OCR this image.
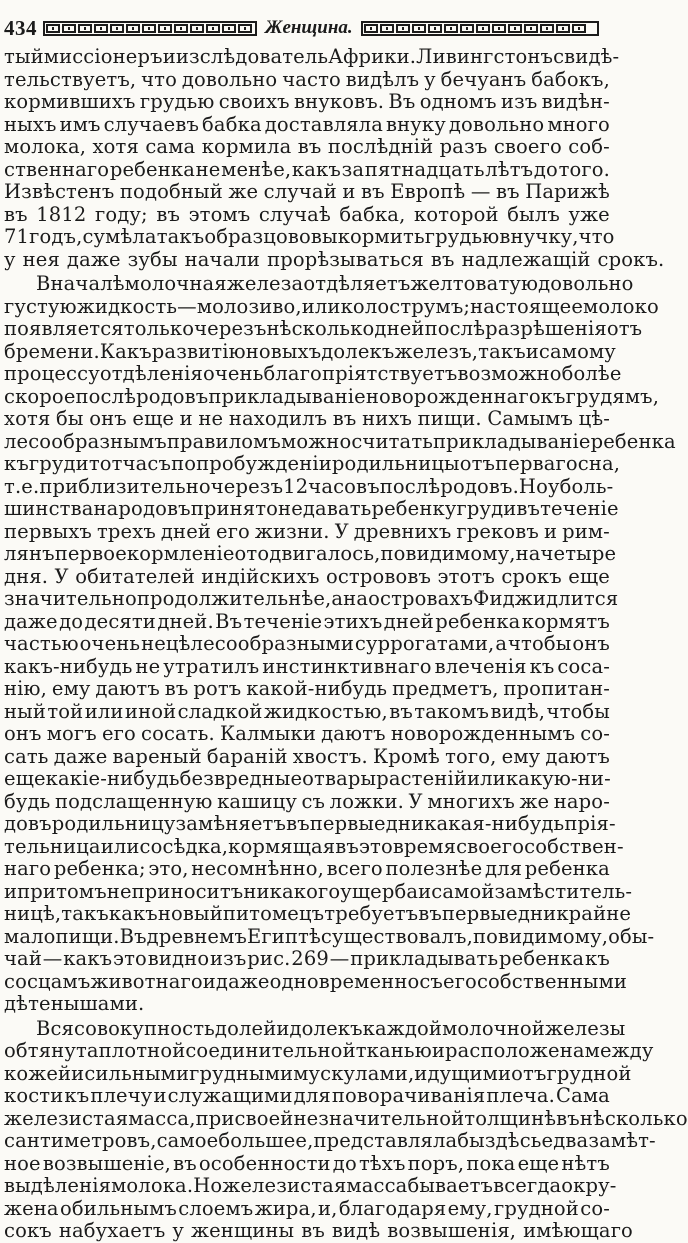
434	Женщина.
тый миссіонеръ и изслѣдователь Африки. Ливингстонъ свидѣ-
тельствуетъ, что довольно часто видѣлъ у бечуанъ бабокъ,
кормившихъ грудью своихъ внуковъ. Въ одномъ изъ видѣн-
ныхъ имъ случаевъ бабка доставляла внуку довольно много
молока, хотя сама кормила въ послѣдній разъ своего соб-
ственнаго ребенка не менѣе, какъ за пятнадцать лѣтъ до того.
Извѣстенъ подобный же случай и въ Европѣ — въ Парижѣ
въ 1812 году; въ этомъ случаѣ бабка, которой былъ уже
71 годъ, сумѣла такъ образцово выкормить грудью внучку, что
у нея даже зубы начали прорѣзываться въ надлежащій срокъ.
Вначалѣ молочная железа отдѣляетъ желтоватую довольно
густую жидкость — молозиво, или колострумъ; настоящее молоко
появляется только черезъ нѣсколько дней послѣ разрѣшенія отъ
бремени. Какъ развитію новыхъ долекъ железъ, такъ и самому
процессу отдѣленія очень благопріятствуетъ возможно болѣе
скорое послѣ родовъ прикладываніе новорожденнаго къ грудямъ,
хотя бы онъ еще и не находилъ въ нихъ пищи. Самымъ цѣ-
лесообразнымъ правиломъ можно считать прикладываніе ребенка
къ груди тотчасъ по пробужденіи родильницы отъ перваго сна,
т. е. приблизительно черезъ 12 часовъ послѣ родовъ. Но у боль-
шинства народовъ принято не давать ребенку груди въ теченіе
первыхъ трехъ дней его жизни. У древнихъ грековъ и рим-
лянъ первое кормленіе отодвигалось, повидимому, на четыре
дня. У обитателей индійскихъ острововъ этотъ срокъ еще
значительно продолжительнѣе, а на островахъ Фиджи длится
даже до десяти дней. Въ теченіе этихъ дней ребенка кормятъ
частью очень нецѣлесообразными суррогатами, а чтобы онъ
какъ-нибудь не утратилъ инстинктивнаго влеченія къ соса-
нію, ему даютъ въ ротъ какой-нибудь предметъ, пропитан-
ный той или иной сладкой жидкостью, въ такомъ видѣ, чтобы
онъ могъ его сосать. Калмыки даютъ новорожденнымъ со-
сать даже вареный бараній хвостъ. Кромѣ того, ему даютъ
еще какіе-нибудь безвредные отвары растеній или какую-ни-
будь подслащенную кашицу съ ложки. У многихъ же наро-
довъ родильницу замѣняетъ въ первые дни какая-нибудь прія-
тельница или сосѣдка, кормящая въ это время своего собствен-
наго ребенка; это, несомнѣнно, всего полезнѣе для ребенка
и при томъ не приноситъ никакого ущерба и самой замѣститель-
ницѣ, такъ какъ новый питомецъ требуетъ въ первые дни крайне
мало пищи. Въ древнемъ Египтѣ существовалъ, повидимому, обы-
чай — какъ это видно изъ рис. 269 — прикладывать ребенка къ
сосцамъ животнаго и даже одновременно съ его собственными
дѣтенышами.
Вся совокупность долей и долекъ каждой молочной железы
обтянута плотной соединительной тканью и расположена между
кожей и сильными грудными мускулами, идущими отъ грудной
кости къ плечу и служащими для поворачиванія плеча. Сама
железистая масса, при своей незначительной толщинѣ въ нѣсколько
сантиметровъ, самое большее, представляла бы здѣсь едва замѣт-
ное возвышеніе, въ особенности до тѣхъ поръ, пока еще нѣтъ
выдѣленія молока. Но железистая масса бываетъ всегда окру-
жена обильнымъ слоемъ жира, и, благодаря ему, грудной со-
сокъ набухаетъ у женщины въ видѣ возвышенія, имѣющаго
